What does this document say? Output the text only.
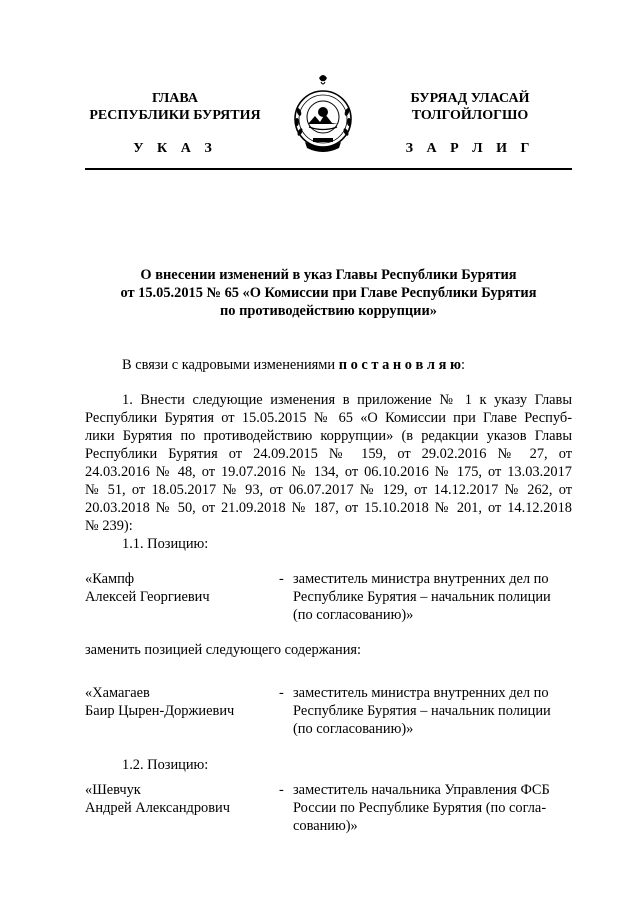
ГЛАВА
РЕСПУБЛИКИ БУРЯТИЯ
У К А З
БУРЯАД УЛАСАЙ
ТОЛГОЙЛОГШО
З А Р Л И Г
О внесении изменений в указ Главы Республики Бурятия
от 15.05.2015 № 65 «О Комиссии при Главе Республики Бурятия
по противодействию коррупции»
В связи с кадровыми изменениями п о с т а н о в л я ю:
1. Внести следующие изменения в приложение № 1 к указу Главы
Республики Бурятия от 15.05.2015 № 65 «О Комиссии при Главе Респуб-
лики Бурятия по противодействию коррупции» (в редакции указов Главы
Республики Бурятия от 24.09.2015 № 159, от 29.02.2016 № 27, от
24.03.2016 № 48, от 19.07.2016 № 134, от 06.10.2016 № 175, от 13.03.2017
№ 51, от 18.05.2017 № 93, от 06.07.2017 № 129, от 14.12.2017 № 262, от
20.03.2018 № 50, от 21.09.2018 № 187, от 15.10.2018 № 201, от 14.12.2018
№ 239):
1.1. Позицию:
«Кампф
Алексей Георгиевич
- заместитель министра внутренних дел по
Республике Бурятия – начальник полиции
(по согласованию)»
заменить позицией следующего содержания:
«Хамагаев
Баир Цырен-Доржиевич
- заместитель министра внутренних дел по
Республике Бурятия – начальник полиции
(по согласованию)»
1.2. Позицию:
«Шевчук
Андрей Александрович
- заместитель начальника Управления ФСБ
России по Республике Бурятия (по согла-
сованию)»
